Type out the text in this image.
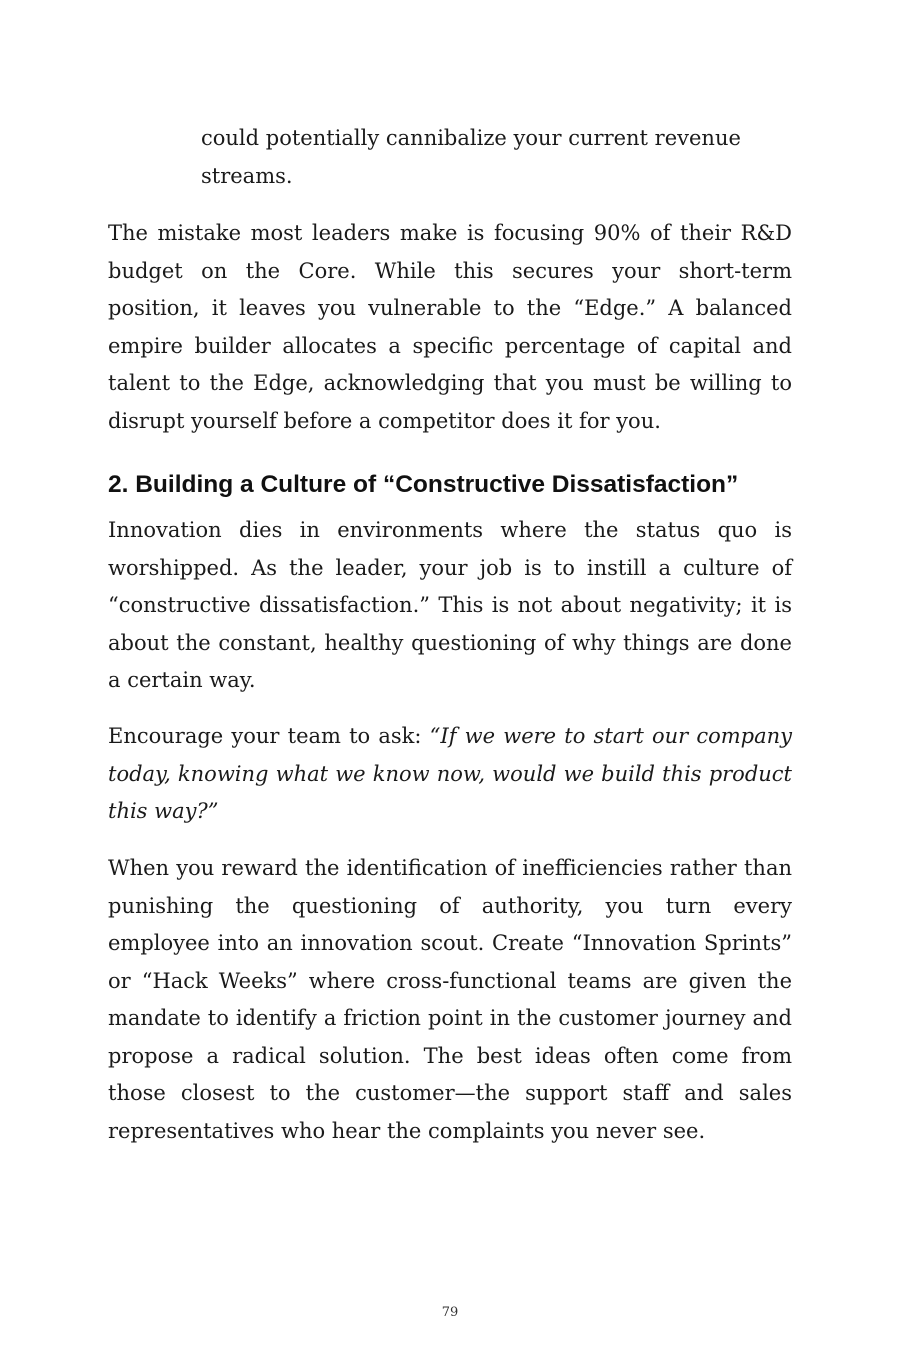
could potentially cannibalize your current revenue streams.

The mistake most leaders make is focusing 90% of their R&D budget on the Core. While this secures your short-term position, it leaves you vulnerable to the “Edge.” A balanced empire builder allocates a specific percentage of capital and talent to the Edge, acknowledging that you must be willing to disrupt yourself before a competitor does it for you.

2. Building a Culture of “Constructive Dissatisfaction”

Innovation dies in environments where the status quo is worshipped. As the leader, your job is to instill a culture of “constructive dissatisfaction.” This is not about negativity; it is about the constant, healthy questioning of why things are done a certain way.

Encourage your team to ask: “If we were to start our company today, knowing what we know now, would we build this product this way?”

When you reward the identification of inefficiencies rather than punishing the questioning of authority, you turn every employee into an innovation scout. Create “Innovation Sprints” or “Hack Weeks” where cross-functional teams are given the mandate to identify a friction point in the customer journey and propose a radical solution. The best ideas often come from those closest to the customer—the support staff and sales representatives who hear the complaints you never see.

79
